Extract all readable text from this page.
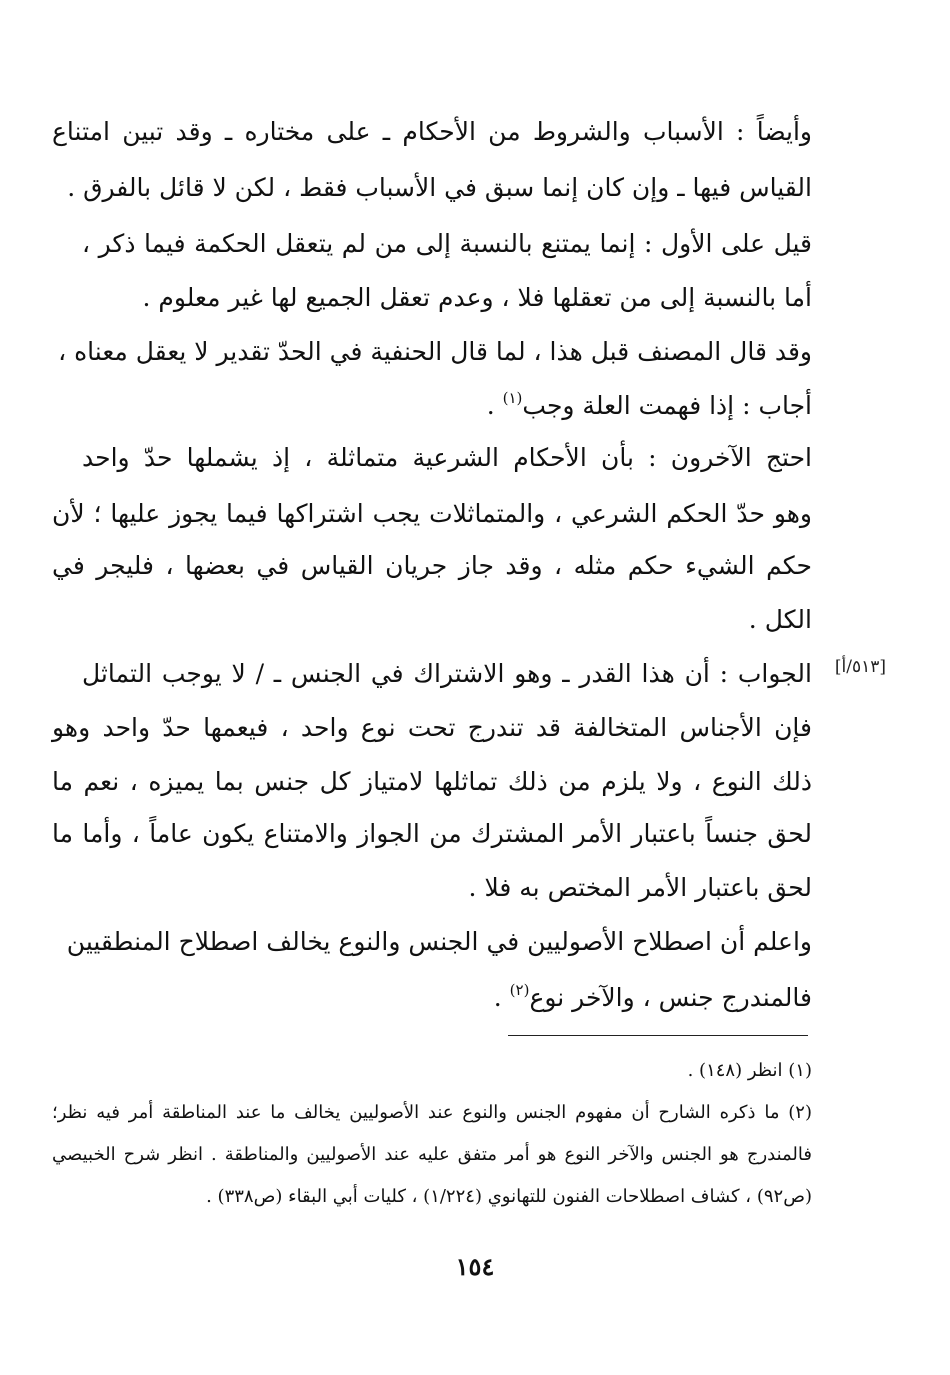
وأيضاً : الأسباب والشروط من الأحكام ـ على مختاره ـ وقد تبين امتناع
القياس فيها ـ وإن كان إنما سبق في الأسباب فقط ، لكن لا قائل بالفرق .
قيل على الأول : إنما يمتنع بالنسبة إلى من لم يتعقل الحكمة فيما ذكر ،
أما بالنسبة إلى من تعقلها فلا ، وعدم تعقل الجميع لها غير معلوم .
وقد قال المصنف قبل هذا ، لما قال الحنفية في الحدّ تقدير لا يعقل معناه ،
أجاب : إذا فهمت العلة وجب$^{(١)}$ .
احتج الآخرون : بأن الأحكام الشرعية متماثلة ، إذ يشملها حدّ واحد
وهو حدّ الحكم الشرعي ، والمتماثلات يجب اشتراكها فيما يجوز عليها ؛ لأن
حكم الشيء حكم مثله ، وقد جاز جريان القياس في بعضها ، فليجر في
الكل .
[٥١٣/أ]
الجواب : أن هذا القدر ـ وهو الاشتراك في الجنس ـ / لا يوجب التماثل
فإن الأجناس المتخالفة قد تندرج تحت نوع واحد ، فيعمها حدّ واحد وهو
ذلك النوع ، ولا يلزم من ذلك تماثلها لامتياز كل جنس بما يميزه ، نعم ما
لحق جنساً باعتبار الأمر المشترك من الجواز والامتناع يكون عاماً ، وأما ما
لحق باعتبار الأمر المختص به فلا .
واعلم أن اصطلاح الأصوليين في الجنس والنوع يخالف اصطلاح المنطقيين
فالمندرج جنس ، والآخر نوع$^{(٢)}$ .
(١) انظر (١٤٨) .
(٢) ما ذكره الشارح أن مفهوم الجنس والنوع عند الأصوليين يخالف ما عند المناطقة أمر فيه نظر؛
فالمندرج هو الجنس والآخر النوع هو أمر متفق عليه عند الأصوليين والمناطقة . انظر شرح الخبيصي
(ص٩٢) ، كشاف اصطلاحات الفنون للتهانوي (١/٢٢٤) ، كليات أبي البقاء (ص٣٣٨) .
١٥٤
